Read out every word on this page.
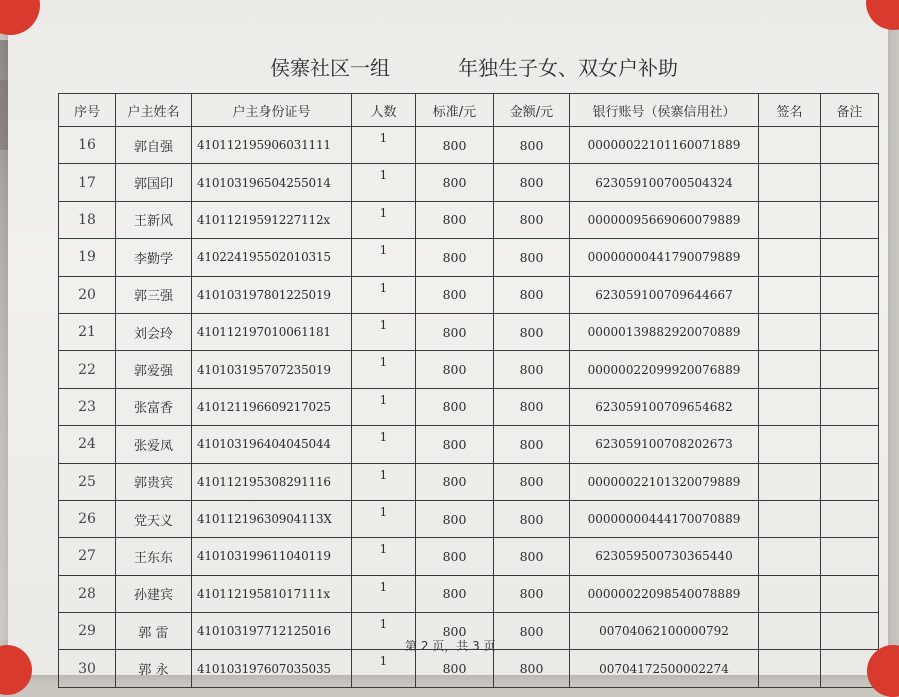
侯寨社区一组	年独生子女、双女户补助
序号	户主姓名	户主身份证号	人数	标准/元	金额/元	银行账号（侯寨信用社）	签名	备注
16	郭自强	410112195906031111	1	800	800	00000022101160071889		
17	郭国印	410103196504255014	1	800	800	623059100700504324		
18	王新风	41011219591227112x	1	800	800	00000095669060079889		
19	李勤学	410224195502010315	1	800	800	00000000441790079889		
20	郭三强	410103197801225019	1	800	800	623059100709644667		
21	刘会玲	410112197010061181	1	800	800	00000139882920070889		
22	郭爱强	410103195707235019	1	800	800	00000022099920076889		
23	张富香	410121196609217025	1	800	800	623059100709654682		
24	张爱凤	410103196404045044	1	800	800	623059100708202673		
25	郭贵宾	410112195308291116	1	800	800	00000022101320079889		
26	党天义	41011219630904113X	1	800	800	00000000444170070889		
27	王东东	410103199611040119	1	800	800	623059500730365440		
28	孙建宾	41011219581017111x	1	800	800	00000022098540078889		
29	郭 雷	410103197712125016	1	800	800	00704062100000792		
30	郭 永	410103197607035035	1	800	800	00704172500002274		
第 2 页，共 3 页
